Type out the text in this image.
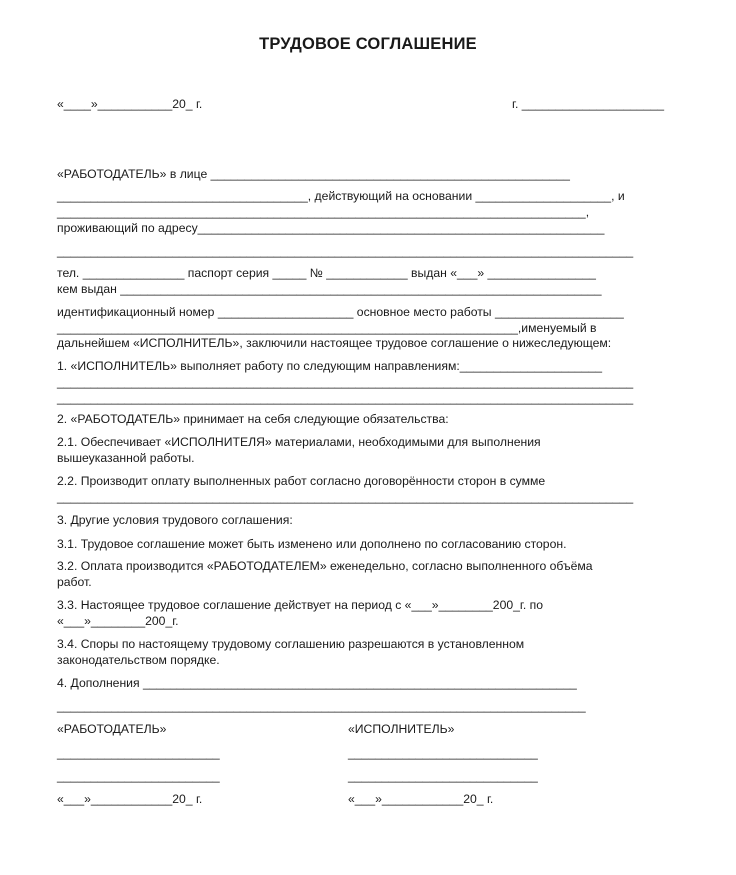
ТРУДОВОЕ СОГЛАШЕНИЕ
«____»___________20_ г.	г. _____________________
«РАБОТОДАТЕЛЬ» в лице _____________________________________________________
_____________________________________, действующий на основании ____________________, и
______________________________________________________________________________,
проживающий по адресу____________________________________________________________
_____________________________________________________________________________________
тел. _______________ паспорт серия _____ № ____________ выдан «___» ________________
кем выдан _______________________________________________________________________
идентификационный номер ____________________ основное место работы ___________________
____________________________________________________________________,именуемый в
дальнейшем «ИСПОЛНИТЕЛЬ», заключили настоящее трудовое соглашение о нижеследующем:
1. «ИСПОЛНИТЕЛЬ» выполняет работу по следующим направлениям:_____________________
_____________________________________________________________________________________
_____________________________________________________________________________________
2. «РАБОТОДАТЕЛЬ» принимает на себя следующие обязательства:
2.1. Обеспечивает «ИСПОЛНИТЕЛЯ» материалами, необходимыми для выполнения
вышеуказанной работы.
2.2. Производит оплату выполненных работ согласно договорённости сторон в сумме
_____________________________________________________________________________________
3. Другие условия трудового соглашения:
3.1. Трудовое соглашение может быть изменено или дополнено по согласованию сторон.
3.2. Оплата производится «РАБОТОДАТЕЛЕМ» еженедельно, согласно выполненного объёма
работ.
3.3. Настоящее трудовое соглашение действует на период с «___»________200_г. по
«___»________200_г.
3.4. Споры по настоящему трудовому соглашению разрешаются в установленном
законодательством порядке.
4. Дополнения ________________________________________________________________
______________________________________________________________________________
«РАБОТОДАТЕЛЬ»	«ИСПОЛНИТЕЛЬ»
________________________	____________________________
________________________	____________________________
«___»____________20_ г.	«___»____________20_ г.
